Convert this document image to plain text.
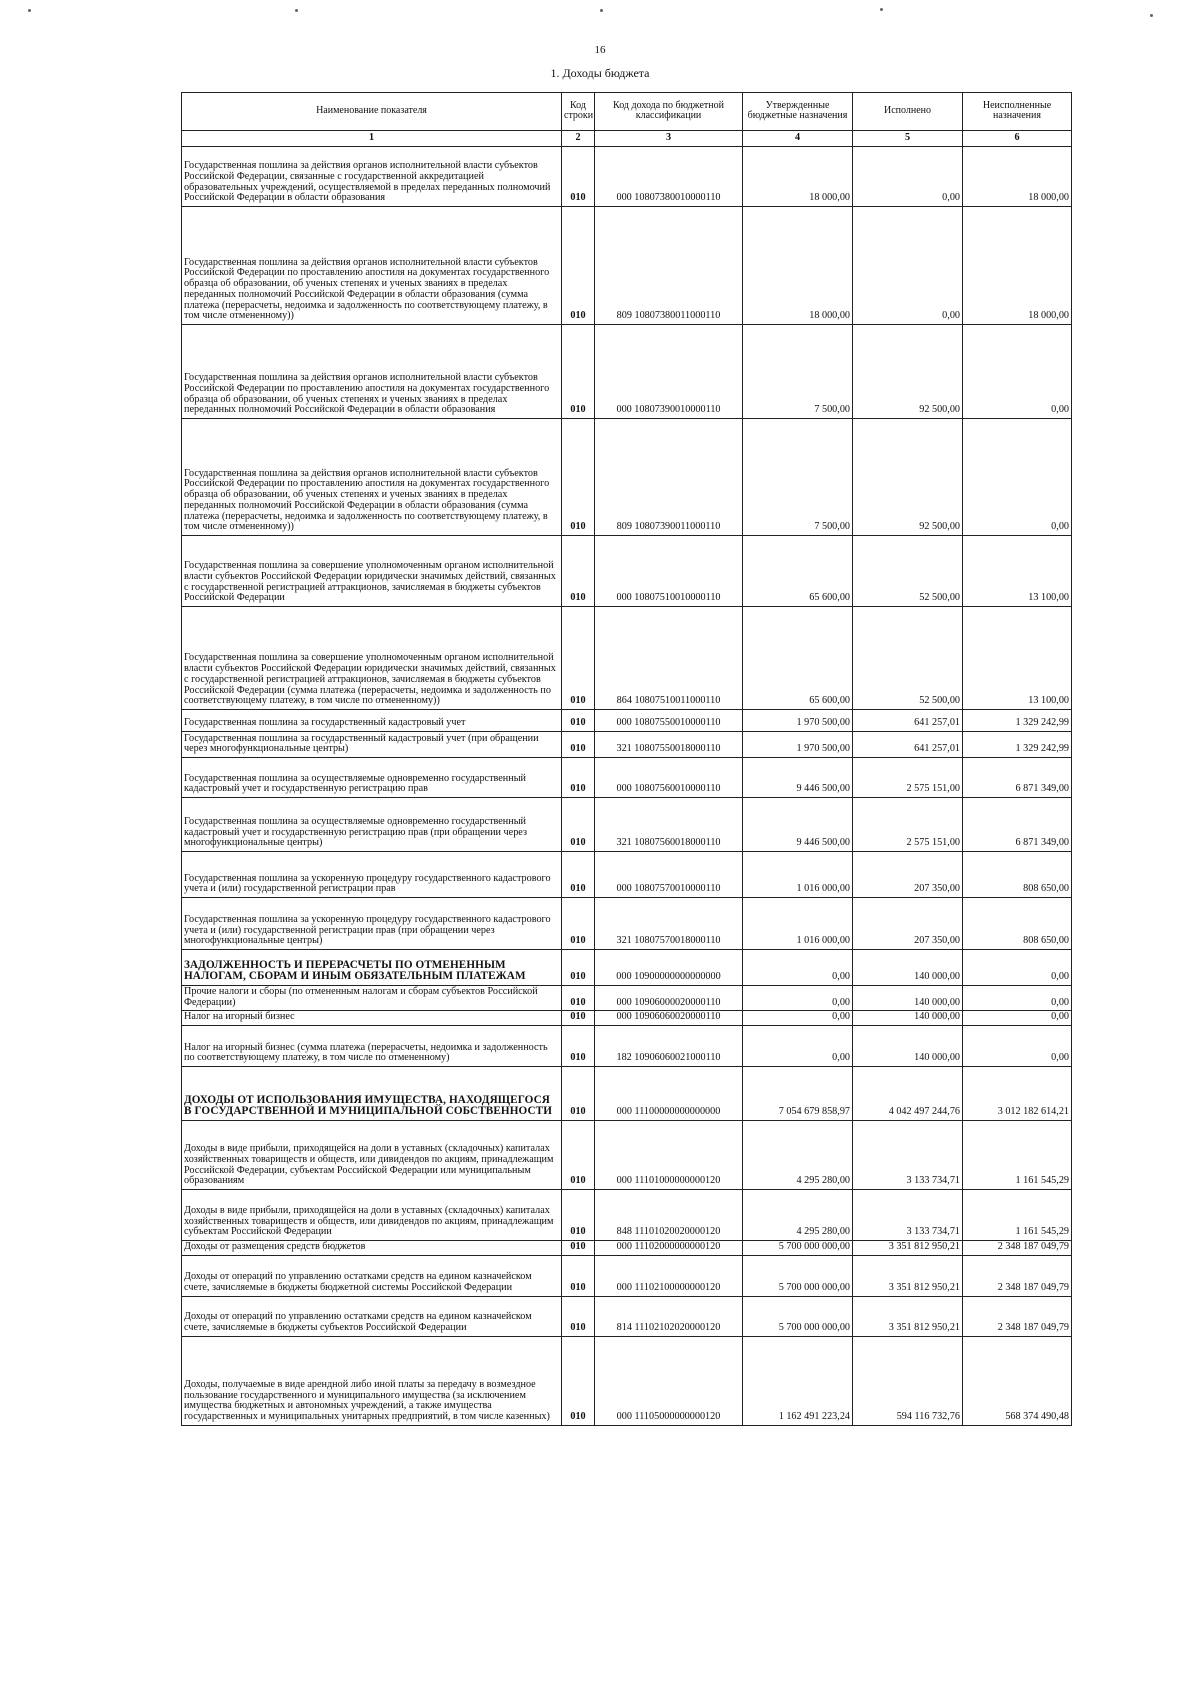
16
1. Доходы бюджета
Наименование показателя	Код строки	Код дохода по бюджетной классификации	Утвержденные бюджетные назначения	Исполнено	Неисполненные назначения
1	2	3	4	5	6
Государственная пошлина за действия органов исполнительной власти субъектов Российской Федерации, связанные с государственной аккредитацией образовательных учреждений, осуществляемой в пределах переданных полномочий Российской Федерации в области образования	010	000 10807380010000110	18 000,00	0,00	18 000,00
Государственная пошлина за действия органов исполнительной власти субъектов Российской Федерации по проставлению апостиля на документах государственного образца об образовании, об ученых степенях и ученых званиях в пределах переданных полномочий Российской Федерации в области образования (сумма платежа (перерасчеты, недоимка и задолженность по соответствующему платежу, в том числе отмененному))	010	809 10807380011000110	18 000,00	0,00	18 000,00
Государственная пошлина за действия органов исполнительной власти субъектов Российской Федерации по проставлению апостиля на документах государственного образца об образовании, об ученых степенях и ученых званиях в пределах переданных полномочий Российской Федерации в области образования	010	000 10807390010000110	7 500,00	92 500,00	0,00
Государственная пошлина за действия органов исполнительной власти субъектов Российской Федерации по проставлению апостиля на документах государственного образца об образовании, об ученых степенях и ученых званиях в пределах переданных полномочий Российской Федерации в области образования (сумма платежа (перерасчеты, недоимка и задолженность по соответствующему платежу, в том числе отмененному))	010	809 10807390011000110	7 500,00	92 500,00	0,00
Государственная пошлина за совершение уполномоченным органом исполнительной власти субъектов Российской Федерации юридически значимых действий, связанных с государственной регистрацией аттракционов, зачисляемая в бюджеты субъектов Российской Федерации	010	000 10807510010000110	65 600,00	52 500,00	13 100,00
Государственная пошлина за совершение уполномоченным органом исполнительной власти субъектов Российской Федерации юридически значимых действий, связанных с государственной регистрацией аттракционов, зачисляемая в бюджеты субъектов Российской Федерации (сумма платежа (перерасчеты, недоимка и задолженность по соответствующему платежу, в том числе по отмененному))	010	864 10807510011000110	65 600,00	52 500,00	13 100,00
Государственная пошлина за государственный кадастровый учет	010	000 10807550010000110	1 970 500,00	641 257,01	1 329 242,99
Государственная пошлина за государственный кадастровый учет (при обращении через многофункциональные центры)	010	321 10807550018000110	1 970 500,00	641 257,01	1 329 242,99
Государственная пошлина за осуществляемые одновременно государственный кадастровый учет и государственную регистрацию прав	010	000 10807560010000110	9 446 500,00	2 575 151,00	6 871 349,00
Государственная пошлина за осуществляемые одновременно государственный кадастровый учет и государственную регистрацию прав (при обращении через многофункциональные центры)	010	321 10807560018000110	9 446 500,00	2 575 151,00	6 871 349,00
Государственная пошлина за ускоренную процедуру государственного кадастрового учета и (или) государственной регистрации прав	010	000 10807570010000110	1 016 000,00	207 350,00	808 650,00
Государственная пошлина за ускоренную процедуру государственного кадастрового учета и (или) государственной регистрации прав (при обращении через многофункциональные центры)	010	321 10807570018000110	1 016 000,00	207 350,00	808 650,00
ЗАДОЛЖЕННОСТЬ И ПЕРЕРАСЧЕТЫ ПО ОТМЕНЕННЫМ НАЛОГАМ, СБОРАМ И ИНЫМ ОБЯЗАТЕЛЬНЫМ ПЛАТЕЖАМ	010	000 10900000000000000	0,00	140 000,00	0,00
Прочие налоги и сборы (по отмененным налогам и сборам субъектов Российской Федерации)	010	000 10906000020000110	0,00	140 000,00	0,00
Налог на игорный бизнес	010	000 10906060020000110	0,00	140 000,00	0,00
Налог на игорный бизнес (сумма платежа (перерасчеты, недоимка и задолженность по соответствующему платежу, в том числе по отмененному)	010	182 10906060021000110	0,00	140 000,00	0,00
ДОХОДЫ ОТ ИСПОЛЬЗОВАНИЯ ИМУЩЕСТВА, НАХОДЯЩЕГОСЯ В ГОСУДАРСТВЕННОЙ И МУНИЦИПАЛЬНОЙ СОБСТВЕННОСТИ	010	000 11100000000000000	7 054 679 858,97	4 042 497 244,76	3 012 182 614,21
Доходы в виде прибыли, приходящейся на доли в уставных (складочных) капиталах хозяйственных товариществ и обществ, или дивидендов по акциям, принадлежащим Российской Федерации, субъектам Российской Федерации или муниципальным образованиям	010	000 11101000000000120	4 295 280,00	3 133 734,71	1 161 545,29
Доходы в виде прибыли, приходящейся на доли в уставных (складочных) капиталах хозяйственных товариществ и обществ, или дивидендов по акциям, принадлежащим субъектам Российской Федерации	010	848 11101020020000120	4 295 280,00	3 133 734,71	1 161 545,29
Доходы от размещения средств бюджетов	010	000 11102000000000120	5 700 000 000,00	3 351 812 950,21	2 348 187 049,79
Доходы от операций по управлению остатками средств на едином казначейском счете, зачисляемые в бюджеты бюджетной системы Российской Федерации	010	000 11102100000000120	5 700 000 000,00	3 351 812 950,21	2 348 187 049,79
Доходы от операций по управлению остатками средств на едином казначейском счете, зачисляемые в бюджеты субъектов Российской Федерации	010	814 11102102020000120	5 700 000 000,00	3 351 812 950,21	2 348 187 049,79
Доходы, получаемые в виде арендной либо иной платы за передачу в возмездное пользование государственного и муниципального имущества (за исключением имущества бюджетных и автономных учреждений, а также имущества государственных и муниципальных унитарных предприятий, в том числе казенных)	010	000 11105000000000120	1 162 491 223,24	594 116 732,76	568 374 490,48
